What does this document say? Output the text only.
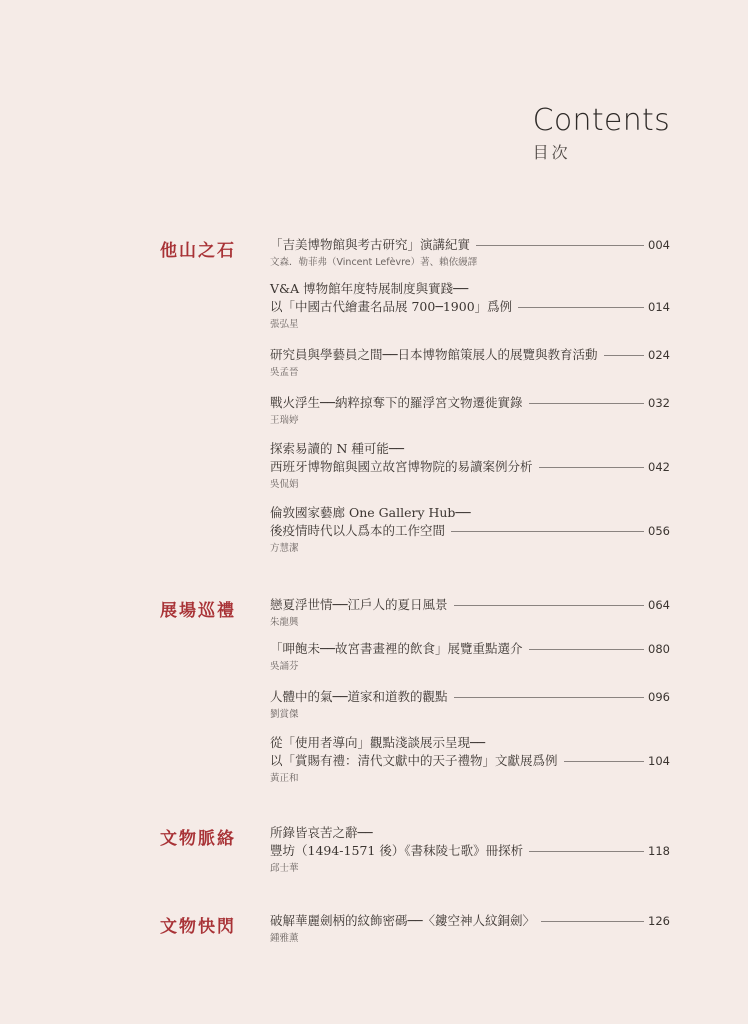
Contents
目次
他山之石	「吉美博物館與考古研究」演講紀實	004
文森．勒菲弗（Vincent Lefèvre）著、賴依縵譯
V&A 博物館年度特展制度與實踐──
以「中國古代繪畫名品展 700─1900」爲例	014
張弘星
研究員與學藝員之間──日本博物館策展人的展覽與教育活動	024
吳孟晉
戰火浮生──納粹掠奪下的羅浮宮文物遷徙實錄	032
王瑞婷
探索易讀的 N 種可能──
西班牙博物館與國立故宮博物院的易讀案例分析	042
吳侃娟
倫敦國家藝廊 One Gallery Hub──
後疫情時代以人爲本的工作空間	056
方慧潔
展場巡禮	戀夏浮世情──江戶人的夏日風景	064
朱龍興
「呷飽未──故宮書畫裡的飲食」展覽重點選介	080
吳誦芬
人體中的氣──道家和道教的觀點	096
劉賞傑
從「使用者導向」觀點淺談展示呈現──
以「賞賜有禮：清代文獻中的天子禮物」文獻展爲例	104
黃正和
文物脈絡	所錄皆哀苦之辭──
豐坊（1494-1571 後）《書秣陵七歌》冊探析	118
邱士華
文物快閃	破解華麗劍柄的紋飾密碼──〈鏤空神人紋銅劍〉	126
鍾雅薰
